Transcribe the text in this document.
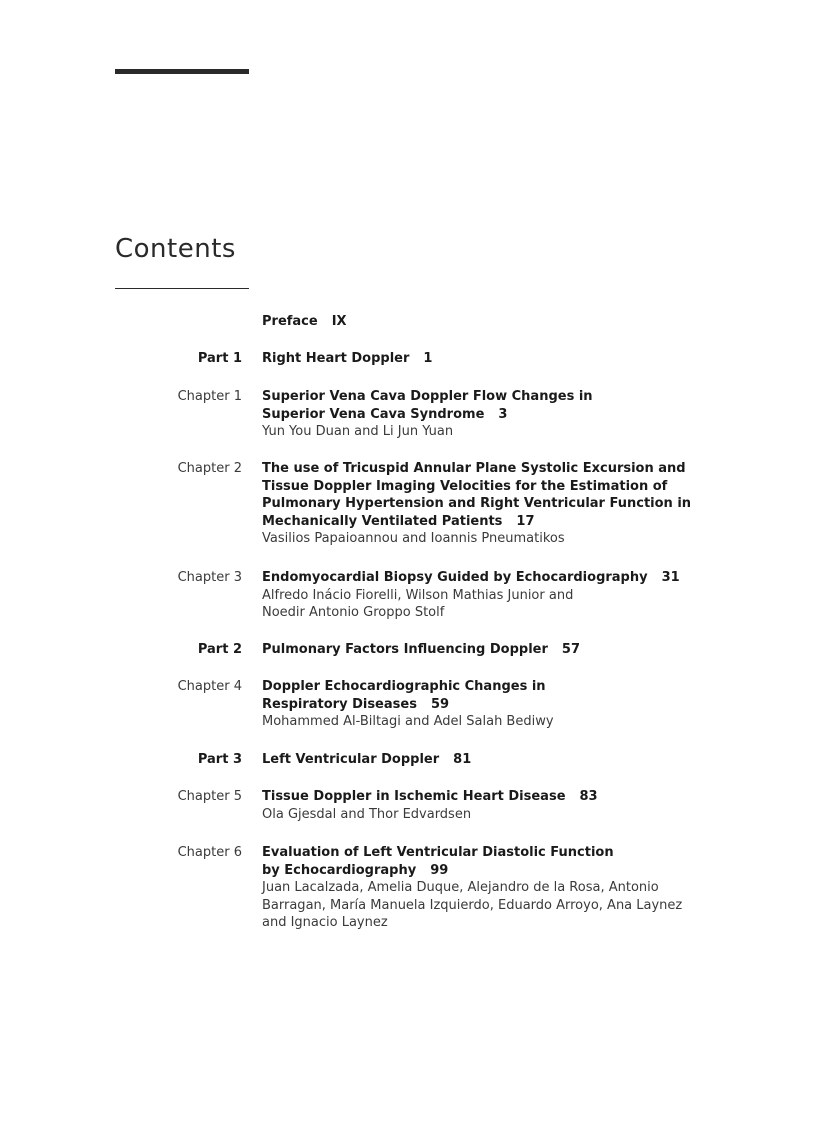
Contents
Preface IX
Part 1 Right Heart Doppler 1
Chapter 1 Superior Vena Cava Doppler Flow Changes in
Superior Vena Cava Syndrome 3
Yun You Duan and Li Jun Yuan
Chapter 2 The use of Tricuspid Annular Plane Systolic Excursion and
Tissue Doppler Imaging Velocities for the Estimation of
Pulmonary Hypertension and Right Ventricular Function in
Mechanically Ventilated Patients 17
Vasilios Papaioannou and Ioannis Pneumatikos
Chapter 3 Endomyocardial Biopsy Guided by Echocardiography 31
Alfredo Inácio Fiorelli, Wilson Mathias Junior and
Noedir Antonio Groppo Stolf
Part 2 Pulmonary Factors Influencing Doppler 57
Chapter 4 Doppler Echocardiographic Changes in
Respiratory Diseases 59
Mohammed Al-Biltagi and Adel Salah Bediwy
Part 3 Left Ventricular Doppler 81
Chapter 5 Tissue Doppler in Ischemic Heart Disease 83
Ola Gjesdal and Thor Edvardsen
Chapter 6 Evaluation of Left Ventricular Diastolic Function
by Echocardiography 99
Juan Lacalzada, Amelia Duque, Alejandro de la Rosa, Antonio
Barragan, María Manuela Izquierdo, Eduardo Arroyo, Ana Laynez
and Ignacio Laynez
